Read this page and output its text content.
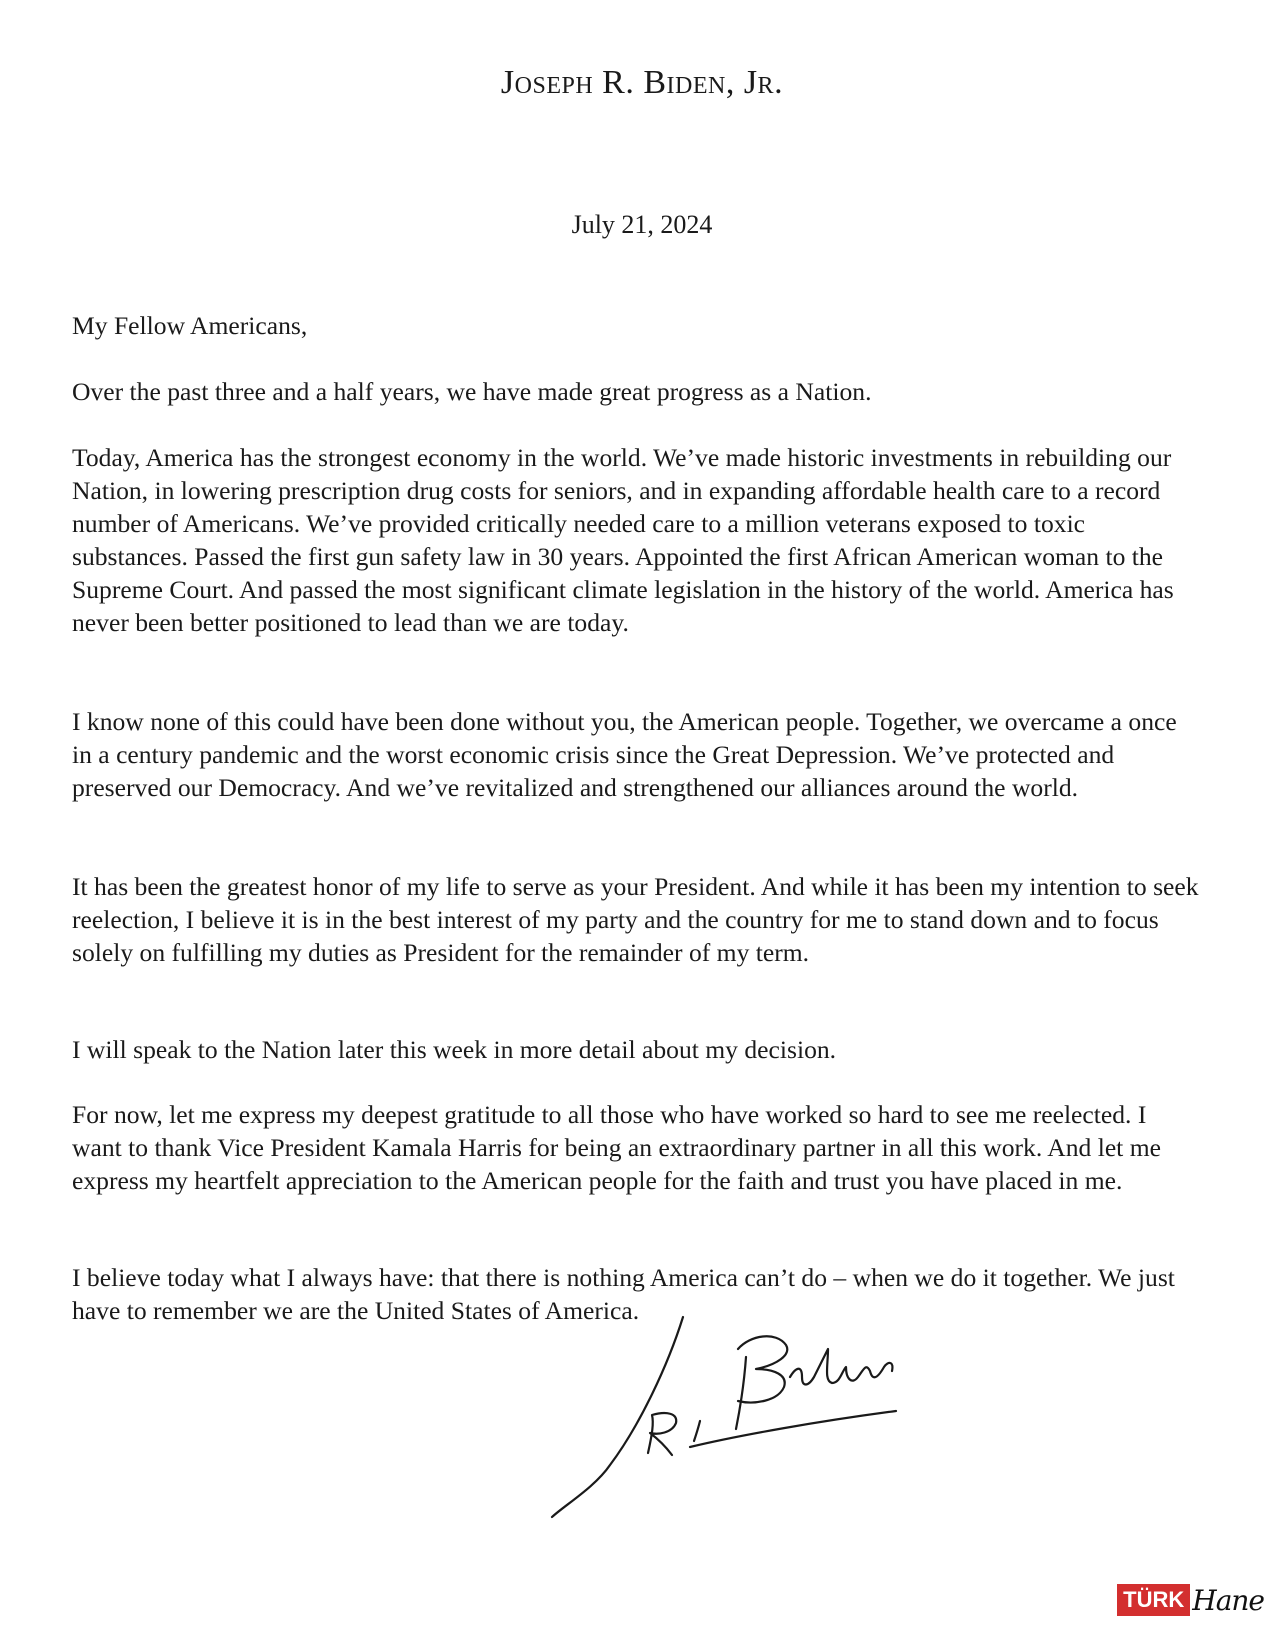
Joseph R. Biden, Jr.
July 21, 2024

My Fellow Americans,

Over the past three and a half years, we have made great progress as a Nation.

Today, America has the strongest economy in the world. We’ve made historic investments in rebuilding our Nation, in lowering prescription drug costs for seniors, and in expanding affordable health care to a record number of Americans. We’ve provided critically needed care to a million veterans exposed to toxic substances. Passed the first gun safety law in 30 years. Appointed the first African American woman to the Supreme Court. And passed the most significant climate legislation in the history of the world. America has never been better positioned to lead than we are today.

I know none of this could have been done without you, the American people. Together, we overcame a once in a century pandemic and the worst economic crisis since the Great Depression. We’ve protected and preserved our Democracy. And we’ve revitalized and strengthened our alliances around the world.

It has been the greatest honor of my life to serve as your President. And while it has been my intention to seek reelection, I believe it is in the best interest of my party and the country for me to stand down and to focus solely on fulfilling my duties as President for the remainder of my term.

I will speak to the Nation later this week in more detail about my decision.

For now, let me express my deepest gratitude to all those who have worked so hard to see me reelected. I want to thank Vice President Kamala Harris for being an extraordinary partner in all this work. And let me express my heartfelt appreciation to the American people for the faith and trust you have placed in me.

I believe today what I always have: that there is nothing America can’t do – when we do it together. We just have to remember we are the United States of America.

TÜRK Hane
